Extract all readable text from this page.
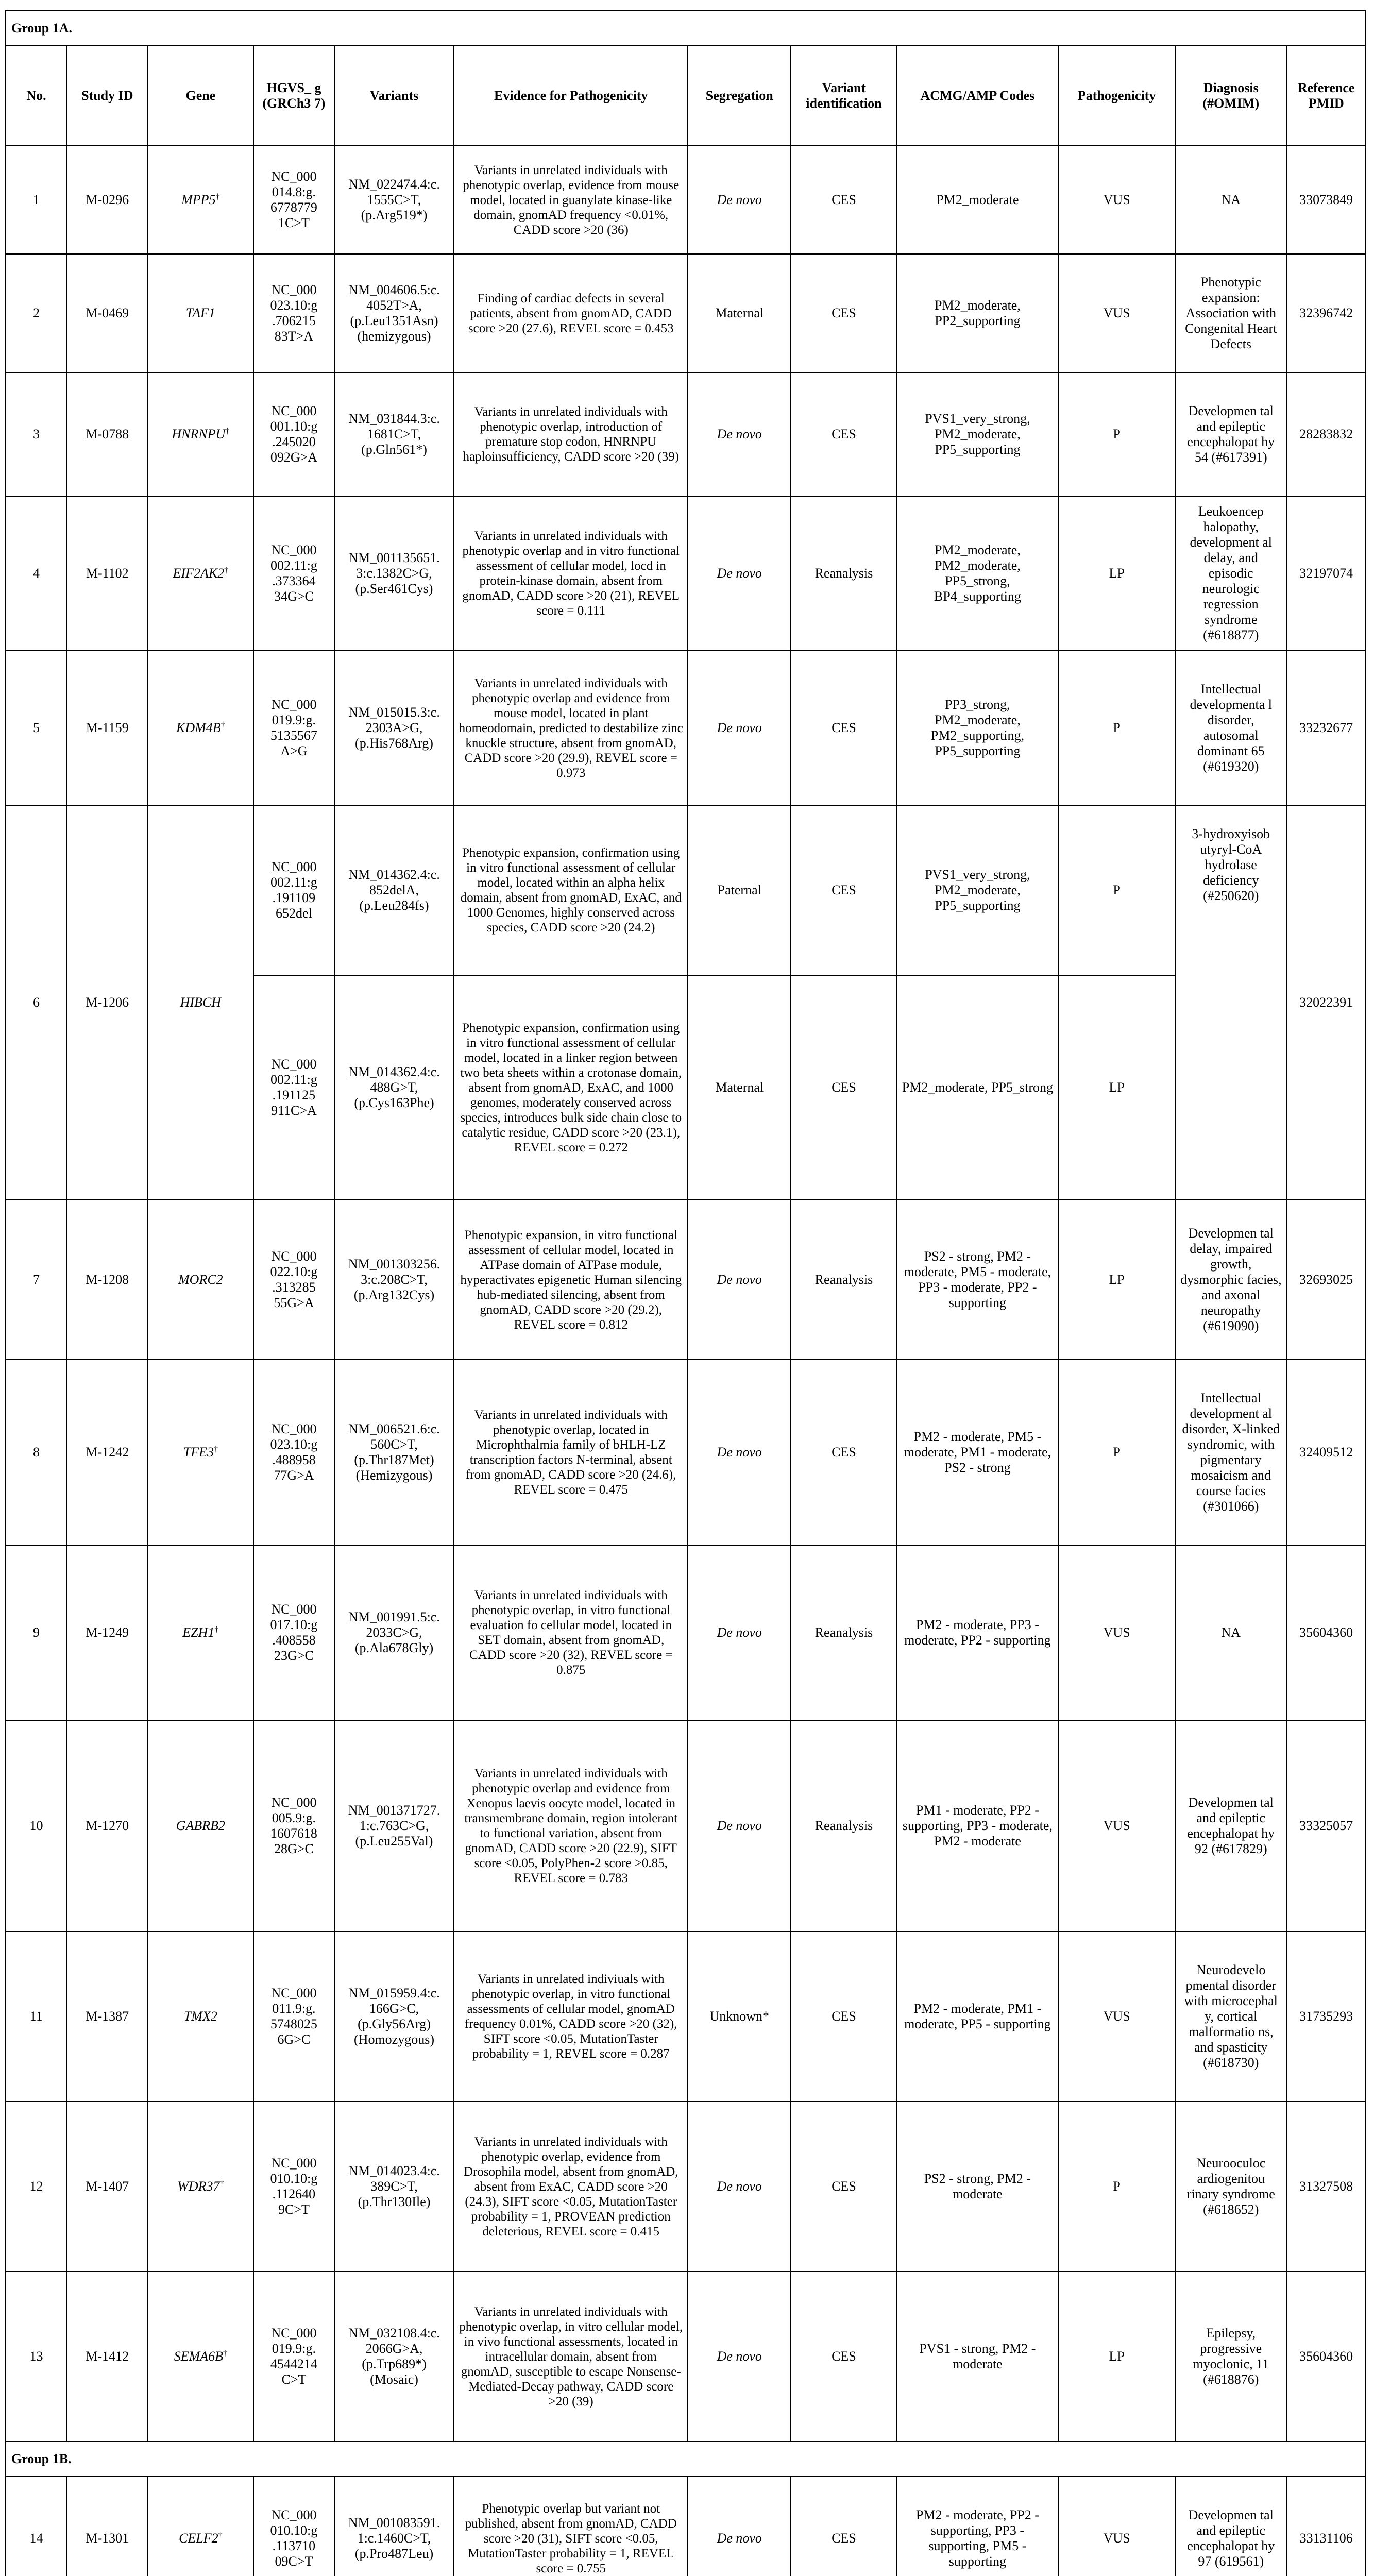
Group 1A.											
No.	Study ID	Gene	HGVS_ g (GRCh3 7)	Variants	Evidence for Pathogenicity	Segregation	Variant identification	ACMG/AMP Codes	Pathogenicity	Diagnosis (#OMIM)	Reference PMID
1	M-0296	MPP5†	NC_000 014.8:g. 6778779 1C>T	NM_022474.4:c. 1555C>T, (p.Arg519*)	Variants in unrelated individuals with phenotypic overlap, evidence from mouse model, located in guanylate kinase-like domain, gnomAD frequency <0.01%, CADD score >20 (36)	De novo	CES	PM2_moderate	VUS	NA	33073849
2	M-0469	TAF1	NC_000 023.10:g .706215 83T>A	NM_004606.5:c. 4052T>A, (p.Leu1351Asn) (hemizygous)	Finding of cardiac defects in several patients, absent from gnomAD, CADD score >20 (27.6), REVEL score = 0.453	Maternal	CES	PM2_moderate, PP2_supporting	VUS	Phenotypic expansion: Association with Congenital Heart Defects	32396742
3	M-0788	HNRNPU†	NC_000 001.10:g .245020 092G>A	NM_031844.3:c. 1681C>T, (p.Gln561*)	Variants in unrelated individuals with phenotypic overlap, introduction of premature stop codon, HNRNPU haploinsufficiency, CADD score >20 (39)	De novo	CES	PVS1_very_strong, PM2_moderate, PP5_supporting	P	Developmen tal and epileptic encephalopat hy 54 (#617391)	28283832
4	M-1102	EIF2AK2†	NC_000 002.11:g .373364 34G>C	NM_001135651. 3:c.1382C>G, (p.Ser461Cys)	Variants in unrelated individuals with phenotypic overlap and in vitro functional assessment of cellular model, locd in protein-kinase domain, absent from gnomAD, CADD score >20 (21), REVEL score = 0.111	De novo	Reanalysis	PM2_moderate, PM2_moderate, PP5_strong, BP4_supporting	LP	Leukoencep halopathy, development al delay, and episodic neurologic regression syndrome (#618877)	32197074
5	M-1159	KDM4B†	NC_000 019.9:g. 5135567 A>G	NM_015015.3:c. 2303A>G, (p.His768Arg)	Variants in unrelated individuals with phenotypic overlap and evidence from mouse model, located in plant homeodomain, predicted to destabilize zinc knuckle structure, absent from gnomAD, CADD score >20 (29.9), REVEL score = 0.973	De novo	CES	PP3_strong, PM2_moderate, PM2_supporting, PP5_supporting	P	Intellectual developmenta l disorder, autosomal dominant 65 (#619320)	33232677
6	M-1206	HIBCH	NC_000 002.11:g .191109 652del	NM_014362.4:c. 852delA, (p.Leu284fs)	Phenotypic expansion, confirmation using in vitro functional assessment of cellular model, located within an alpha helix domain, absent from gnomAD, ExAC, and 1000 Genomes, highly conserved across species, CADD score >20 (24.2)	Paternal	CES	PVS1_very_strong, PM2_moderate, PP5_supporting	P	3-hydroxyisob utyryl-CoA hydrolase deficiency (#250620)	32022391
			NC_000 002.11:g .191125 911C>A	NM_014362.4:c. 488G>T, (p.Cys163Phe)	Phenotypic expansion, confirmation using in vitro functional assessment of cellular model, located in a linker region between two beta sheets within a crotonase domain, absent from gnomAD, ExAC, and 1000 genomes, moderately conserved across species, introduces bulk side chain close to catalytic residue, CADD score >20 (23.1), REVEL score = 0.272	Maternal	CES	PM2_moderate, PP5_strong	LP		
7	M-1208	MORC2	NC_000 022.10:g .313285 55G>A	NM_001303256. 3:c.208C>T, (p.Arg132Cys)	Phenotypic expansion, in vitro functional assessment of cellular model, located in ATPase domain of ATPase module, hyperactivates epigenetic Human silencing hub-mediated silencing, absent from gnomAD, CADD score >20 (29.2), REVEL score = 0.812	De novo	Reanalysis	PS2 - strong, PM2 - moderate, PM5 - moderate, PP3 - moderate, PP2 - supporting	LP	Developmen tal delay, impaired growth, dysmorphic facies, and axonal neuropathy (#619090)	32693025
8	M-1242	TFE3†	NC_000 023.10:g .488958 77G>A	NM_006521.6:c. 560C>T, (p.Thr187Met) (Hemizygous)	Variants in unrelated individuals with phenotypic overlap, located in Microphthalmia family of bHLH-LZ transcription factors N-terminal, absent from gnomAD, CADD score >20 (24.6), REVEL score = 0.475	De novo	CES	PM2 - moderate, PM5 - moderate, PM1 - moderate, PS2 - strong	P	Intellectual development al disorder, X-linked syndromic, with pigmentary mosaicism and course facies (#301066)	32409512
9	M-1249	EZH1†	NC_000 017.10:g .408558 23G>C	NM_001991.5:c. 2033C>G, (p.Ala678Gly)	Variants in unrelated individuals with phenotypic overlap, in vitro functional evaluation fo cellular model, located in SET domain, absent from gnomAD, CADD score >20 (32), REVEL score = 0.875	De novo	Reanalysis	PM2 - moderate, PP3 - moderate, PP2 - supporting	VUS	NA	35604360
10	M-1270	GABRB2	NC_000 005.9:g. 1607618 28G>C	NM_001371727. 1:c.763C>G, (p.Leu255Val)	Variants in unrelated individuals with phenotypic overlap and evidence from Xenopus laevis oocyte model, located in transmembrane domain, region intolerant to functional variation, absent from gnomAD, CADD score >20 (22.9), SIFT score <0.05, PolyPhen-2 score >0.85, REVEL score = 0.783	De novo	Reanalysis	PM1 - moderate, PP2 - supporting, PP3 - moderate, PM2 - moderate	VUS	Developmen tal and epileptic encephalopat hy 92 (#617829)	33325057
11	M-1387	TMX2	NC_000 011.9:g. 5748025 6G>C	NM_015959.4:c. 166G>C, (p.Gly56Arg) (Homozygous)	Variants in unrelated indiviuals with phenotypic overlap, in vitro functional assessments of cellular model, gnomAD frequency 0.01%, CADD score >20 (32), SIFT score <0.05, MutationTaster probability = 1, REVEL score = 0.287	Unknown*	CES	PM2 - moderate, PM1 - moderate, PP5 - supporting	VUS	Neurodevelo pmental disorder with microcephal y, cortical malformatio ns, and spasticity (#618730)	31735293
12	M-1407	WDR37†	NC_000 010.10:g .112640 9C>T	NM_014023.4:c. 389C>T, (p.Thr130Ile)	Variants in unrelated individuals with phenotypic overlap, evidence from Drosophila model, absent from gnomAD, absent from ExAC, CADD score >20 (24.3), SIFT score <0.05, MutationTaster probability = 1, PROVEAN prediction deleterious, REVEL score = 0.415	De novo	CES	PS2 - strong, PM2 - moderate	P	Neurooculoc ardiogenitou rinary syndrome (#618652)	31327508
13	M-1412	SEMA6B†	NC_000 019.9:g. 4544214 C>T	NM_032108.4:c. 2066G>A, (p.Trp689*) (Mosaic)	Variants in unrelated individuals with phenotypic overlap, in vitro cellular model, in vivo functional assessments, located in intracellular domain, absent from gnomAD, susceptible to escape Nonsense-Mediated-Decay pathway, CADD score >20 (39)	De novo	CES	PVS1 - strong, PM2 - moderate	LP	Epilepsy, progressive myoclonic, 11 (#618876)	35604360
Group 1B.											
14	M-1301	CELF2†	NC_000 010.10:g .113710 09C>T	NM_001083591. 1:c.1460C>T, (p.Pro487Leu)	Phenotypic overlap but variant not published, absent from gnomAD, CADD score >20 (31), SIFT score <0.05, MutationTaster probability = 1, REVEL score = 0.755	De novo	CES	PM2 - moderate, PP2 - supporting, PP3 - supporting, PM5 - supporting	VUS	Developmen tal and epileptic encephalopat hy 97 (619561)	33131106
